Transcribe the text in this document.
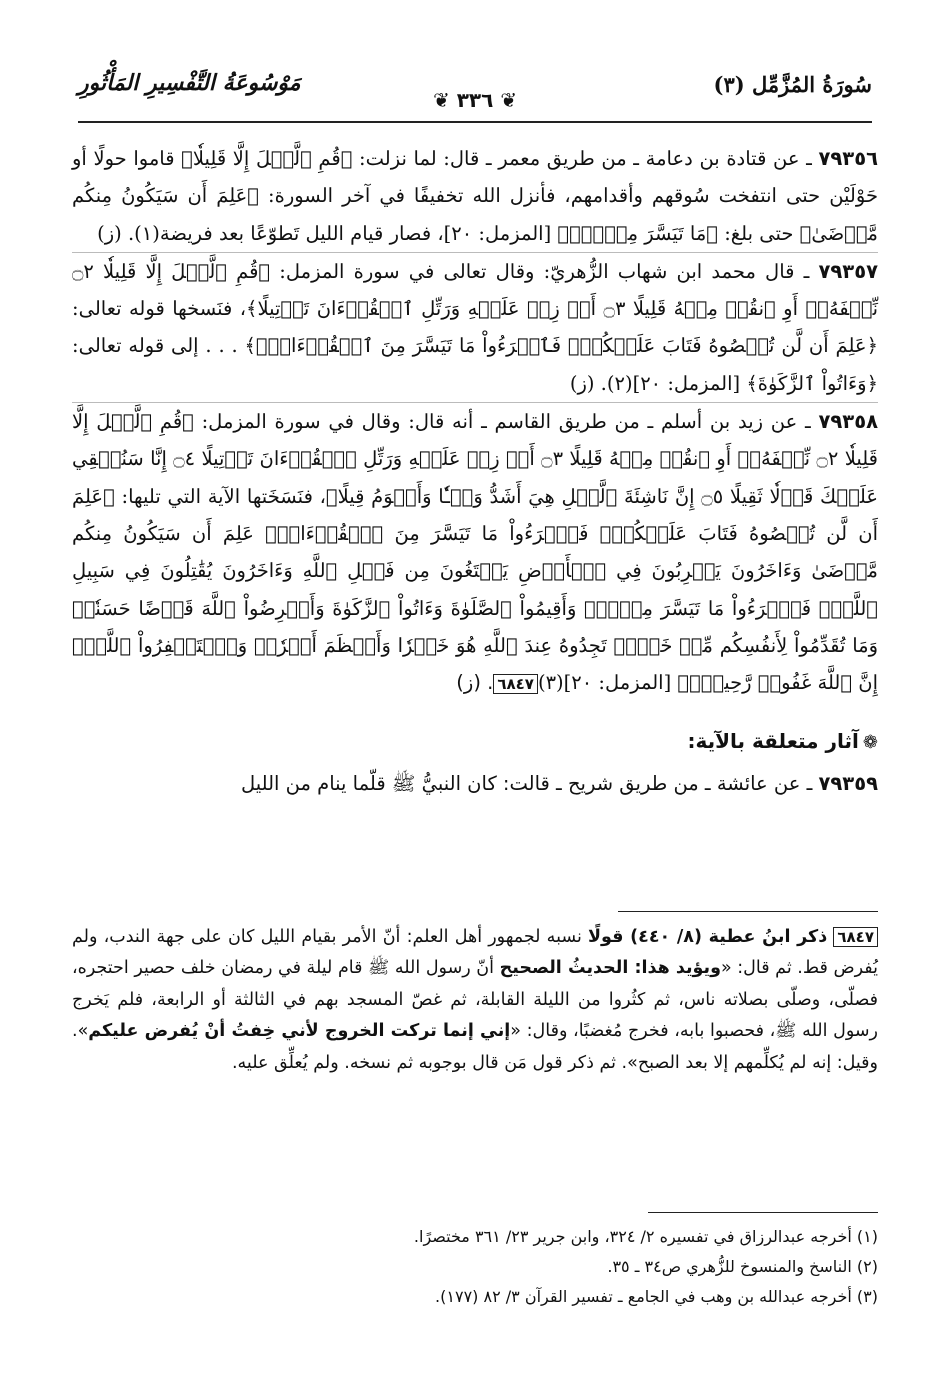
سُورَةُ المُزَّمِّل (٣)
❦ ٣٣٦ ❦
مَوْسُوعَةُ التَّفْسِيرِ المَأْثُورِ

٧٩٣٥٦ ـ عن قتادة بن دعامة ـ من طريق معمر ـ قال: لما نزلت: ﴿قُمِ ٱلَّيۡلَ إِلَّا قَلِيلٗا﴾ قاموا حولًا أو حَوْلَيْن حتى انتفخت سُوقهم وأقدامهم، فأنزل الله تخفيفًا في آخر السورة: ﴿عَلِمَ أَن سَيَكُونُ مِنكُم مَّرۡضَىٰ﴾ حتى بلغ: ﴿مَا تَيَسَّرَ مِنۡهُۚ﴾ [المزمل: ٢٠]، فصار قيام الليل تَطوّعًا بعد فريضة(١). (ز)

٧٩٣٥٧ ـ قال محمد ابن شهاب الزُّهريّ: وقال تعالى في سورة المزمل: ﴿قُمِ ٱلَّيۡلَ إِلَّا قَلِيلٗا ۝٢ نِّصۡفَهُۥٓ أَوِ ٱنقُصۡ مِنۡهُ قَلِيلًا ۝٣ أَوۡ زِدۡ عَلَيۡهِ وَرَتِّلِ ٱلۡقُرۡءَانَ تَرۡتِيلًا﴾، فنَسخها قوله تعالى: ﴿عَلِمَ أَن لَّن تُحۡصُوهُ فَتَابَ عَلَيۡكُمۡۖ فَٱقۡرَءُواْ مَا تَيَسَّرَ مِنَ ٱلۡقُرۡءَانِۚ﴾ . . . إلى قوله تعالى: ﴿وَءَاتُواْ ٱلزَّكَوٰةَ﴾ [المزمل: ٢٠](٢). (ز)

٧٩٣٥٨ ـ عن زيد بن أسلم ـ من طريق القاسم ـ أنه قال: وقال في سورة المزمل: ﴿قُمِ ٱلَّيۡلَ إِلَّا قَلِيلٗا ۝٢ نِّصۡفَهُۥٓ أَوِ ٱنقُصۡ مِنۡهُ قَلِيلًا ۝٣ أَوۡ زِدۡ عَلَيۡهِ وَرَتِّلِ ٱلۡقُرۡءَانَ تَرۡتِيلًا ۝٤ إِنَّا سَنُلۡقِي عَلَيۡكَ قَوۡلٗا ثَقِيلًا ۝٥ إِنَّ نَاشِئَةَ ٱلَّيۡلِ هِيَ أَشَدُّ وَطۡـٔٗا وَأَقۡوَمُ قِيلًا﴾، فنَسَخَتها الآية التي تليها: ﴿عَلِمَ أَن لَّن تُحۡصُوهُ فَتَابَ عَلَيۡكُمۡۖ فَٱقۡرَءُواْ مَا تَيَسَّرَ مِنَ ٱلۡقُرۡءَانِۚ عَلِمَ أَن سَيَكُونُ مِنكُم مَّرۡضَىٰ وَءَاخَرُونَ يَضۡرِبُونَ فِي ٱلۡأَرۡضِ يَبۡتَغُونَ مِن فَضۡلِ ٱللَّهِ وَءَاخَرُونَ يُقَٰتِلُونَ فِي سَبِيلِ ٱللَّهِۖ فَٱقۡرَءُواْ مَا تَيَسَّرَ مِنۡهُۚ وَأَقِيمُواْ ٱلصَّلَوٰةَ وَءَاتُواْ ٱلزَّكَوٰةَ وَأَقۡرِضُواْ ٱللَّهَ قَرۡضًا حَسَنٗاۚ وَمَا تُقَدِّمُواْ لِأَنفُسِكُم مِّنۡ خَيۡرٖ تَجِدُوهُ عِندَ ٱللَّهِ هُوَ خَيۡرٗا وَأَعۡظَمَ أَجۡرٗاۚ وَٱسۡتَغۡفِرُواْ ٱللَّهَۖ إِنَّ ٱللَّهَ غَفُورٞ رَّحِيمُۢ﴾ [المزمل: ٢٠](٣)٦٨٤٧. (ز)

❁آثار متعلقة بالآية:

٧٩٣٥٩ ـ عن عائشة ـ من طريق شريح ـ قالت: كان النبيُّ ﷺ قلّما ينام من الليل

٦٨٤٧ ذكر ابنُ عطية (٨/ ٤٤٠) قولًا نسبه لجمهور أهل العلم: أنّ الأمر بقيام الليل كان على جهة الندب، ولم يُفرض قط. ثم قال: «ويؤيد هذا: الحديثُ الصحيح أنّ رسول الله ﷺ قام ليلة في رمضان خلف حصير احتجره، فصلّى، وصلّى بصلاته ناس، ثم كثُروا من الليلة القابلة، ثم غصّ المسجد بهم في الثالثة أو الرابعة، فلم يَخرج رسول الله ﷺ، فحصبوا بابه، فخرج مُغضبًا، وقال: «إني إنما تركت الخروج لأني خِفتُ أنْ يُفرض عليكم». وقيل: إنه لم يُكلِّمهم إلا بعد الصبح». ثم ذكر قول مَن قال بوجوبه ثم نسخه. ولم يُعلِّق عليه.
(١) أخرجه عبدالرزاق في تفسيره ٢/ ٣٢٤، وابن جرير ٢٣/ ٣٦١ مختصرًا.
(٢) الناسخ والمنسوخ للزُّهري ص٣٤ ـ ٣٥.
(٣) أخرجه عبدالله بن وهب في الجامع ـ تفسير القرآن ٣/ ٨٢ (١٧٧).
